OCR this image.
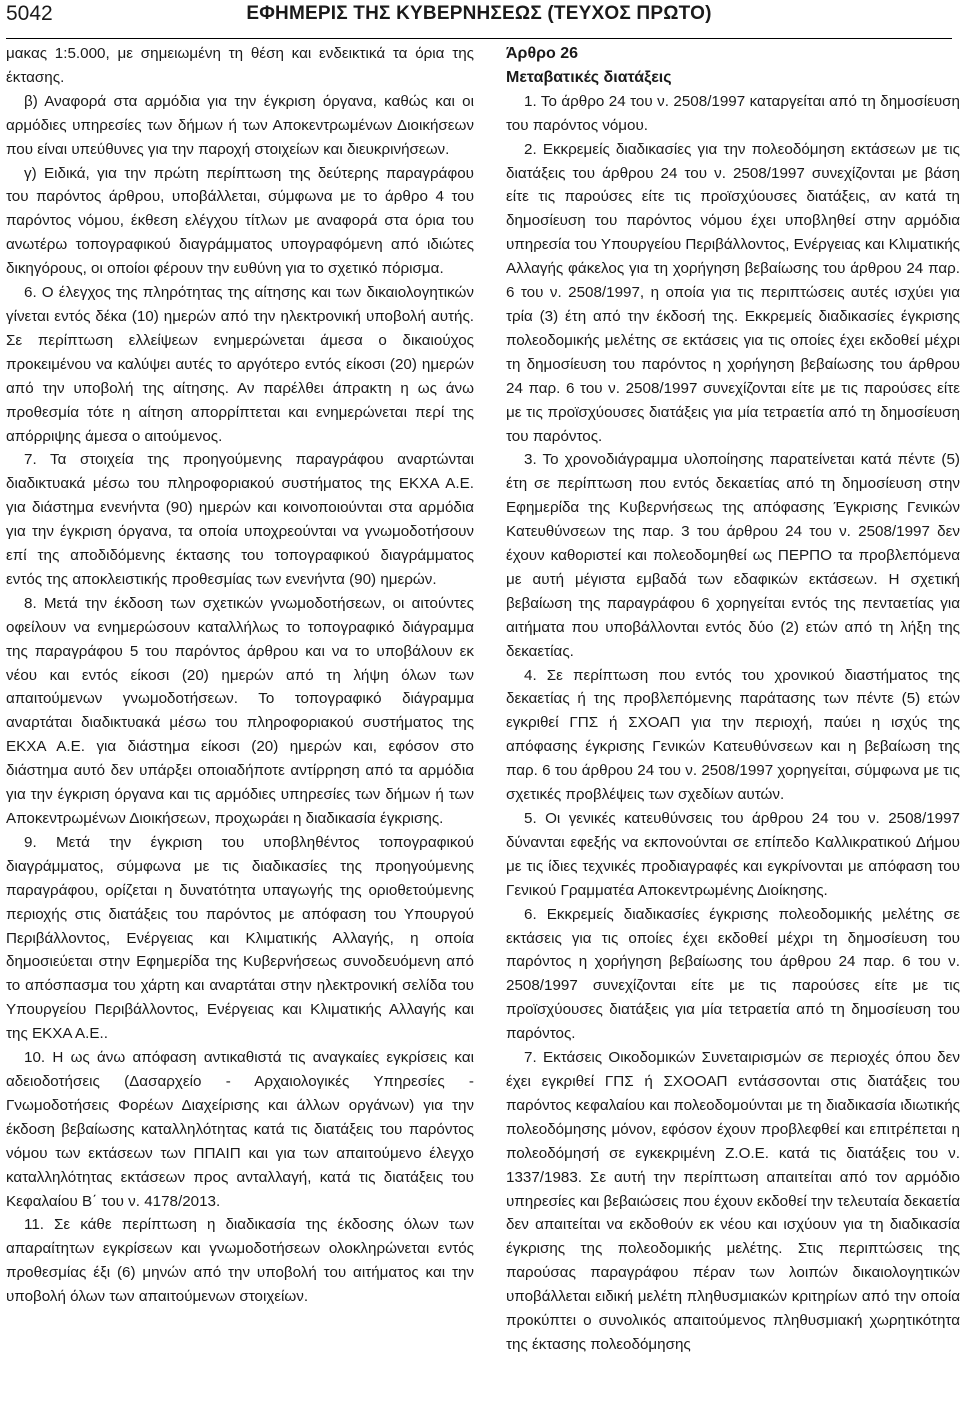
5042	ΕΦΗΜΕΡΙΣ ΤΗΣ ΚΥΒΕΡΝΗΣΕΩΣ (ΤΕΥΧΟΣ ΠΡΩΤΟ)

μακας 1:5.000, με σημειωμένη τη θέση και ενδεικτικά τα όρια της έκτασης.

β) Αναφορά στα αρμόδια για την έγκριση όργανα, καθώς και οι αρμόδιες υπηρεσίες των δήμων ή των Αποκεντρωμένων Διοικήσεων που είναι υπεύθυνες για την παροχή στοιχείων και διευκρινήσεων.

γ) Ειδικά, για την πρώτη περίπτωση της δεύτερης παραγράφου του παρόντος άρθρου, υποβάλλεται, σύμφωνα με το άρθρο 4 του παρόντος νόμου, έκθεση ελέγχου τίτλων με αναφορά στα όρια του ανωτέρω τοπογραφικού διαγράμματος υπογραφόμενη από ιδιώτες δικηγόρους, οι οποίοι φέρουν την ευθύνη για το σχετικό πόρισμα.

6. Ο έλεγχος της πληρότητας της αίτησης και των δικαιολογητικών γίνεται εντός δέκα (10) ημερών από την ηλεκτρονική υποβολή αυτής. Σε περίπτωση ελλείψεων ενημερώνεται άμεσα ο δικαιούχος προκειμένου να καλύψει αυτές το αργότερο εντός είκοσι (20) ημερών από την υποβολή της αίτησης. Αν παρέλθει άπρακτη η ως άνω προθεσμία τότε η αίτηση απορρίπτεται και ενημερώνεται περί της απόρριψης άμεσα ο αιτούμενος.

7. Τα στοιχεία της προηγούμενης παραγράφου αναρτώνται διαδικτυακά μέσω του πληροφοριακού συστήματος της ΕΚΧΑ Α.Ε. για διάστημα ενενήντα (90) ημερών και κοινοποιούνται στα αρμόδια για την έγκριση όργανα, τα οποία υποχρεούνται να γνωμοδοτήσουν επί της αποδιδόμενης έκτασης του τοπογραφικού διαγράμματος εντός της αποκλειστικής προθεσμίας των ενενήντα (90) ημερών.

8. Μετά την έκδοση των σχετικών γνωμοδοτήσεων, οι αιτούντες οφείλουν να ενημερώσουν καταλλήλως το τοπογραφικό διάγραμμα της παραγράφου 5 του παρόντος άρθρου και να το υποβάλουν εκ νέου και εντός είκοσι (20) ημερών από τη λήψη όλων των απαιτούμενων γνωμοδοτήσεων. Το τοπογραφικό διάγραμμα αναρτάται διαδικτυακά μέσω του πληροφοριακού συστήματος της ΕΚΧΑ Α.Ε. για διάστημα είκοσι (20) ημερών και, εφόσον στο διάστημα αυτό δεν υπάρξει οποιαδήποτε αντίρρηση από τα αρμόδια για την έγκριση όργανα και τις αρμόδιες υπηρεσίες των δήμων ή των Αποκεντρωμένων Διοικήσεων, προχωράει η διαδικασία έγκρισης.

9. Μετά την έγκριση του υποβληθέντος τοπογραφικού διαγράμματος, σύμφωνα με τις διαδικασίες της προηγούμενης παραγράφου, ορίζεται η δυνατότητα υπαγωγής της οριοθετούμενης περιοχής στις διατάξεις του παρόντος με απόφαση του Υπουργού Περιβάλλοντος, Ενέργειας και Κλιματικής Αλλαγής, η οποία δημοσιεύεται στην Εφημερίδα της Κυβερνήσεως συνοδευόμενη από το απόσπασμα του χάρτη και αναρτάται στην ηλεκτρονική σελίδα του Υπουργείου Περιβάλλοντος, Ενέργειας και Κλιματικής Αλλαγής και της ΕΚΧΑ Α.Ε..

10. Η ως άνω απόφαση αντικαθιστά τις αναγκαίες εγκρίσεις και αδειοδοτήσεις (Δασαρχείο - Αρχαιολογικές Υπηρεσίες - Γνωμοδοτήσεις Φορέων Διαχείρισης και άλλων οργάνων) για την έκδοση βεβαίωσης καταλληλότητας κατά τις διατάξεις του παρόντος νόμου των εκτάσεων των ΠΠΑΙΠ και για των απαιτούμενο έλεγχο καταλληλότητας εκτάσεων προς ανταλλαγή, κατά τις διατάξεις του Κεφαλαίου Β΄ του ν. 4178/2013.

11. Σε κάθε περίπτωση η διαδικασία της έκδοσης όλων των απαραίτητων εγκρίσεων και γνωμοδοτήσεων ολοκληρώνεται εντός προθεσμίας έξι (6) μηνών από την υποβολή του αιτήματος και την υποβολή όλων των απαιτούμενων στοιχείων.

Άρθρο 26

Μεταβατικές διατάξεις

1. Το άρθρο 24 του ν. 2508/1997 καταργείται από τη δημοσίευση του παρόντος νόμου.

2. Εκκρεμείς διαδικασίες για την πολεοδόμηση εκτάσεων με τις διατάξεις του άρθρου 24 του ν. 2508/1997 συνεχίζονται με βάση είτε τις παρούσες είτε τις προϊσχύουσες διατάξεις, αν κατά τη δημοσίευση του παρόντος νόμου έχει υποβληθεί στην αρμόδια υπηρεσία του Υπουργείου Περιβάλλοντος, Ενέργειας και Κλιματικής Αλλαγής φάκελος για τη χορήγηση βεβαίωσης του άρθρου 24 παρ. 6 του ν. 2508/1997, η οποία για τις περιπτώσεις αυτές ισχύει για τρία (3) έτη από την έκδοσή της. Εκκρεμείς διαδικασίες έγκρισης πολεοδομικής μελέτης σε εκτάσεις για τις οποίες έχει εκδοθεί μέχρι τη δημοσίευση του παρόντος η χορήγηση βεβαίωσης του άρθρου 24 παρ. 6 του ν. 2508/1997 συνεχίζονται είτε με τις παρούσες είτε με τις προϊσχύουσες διατάξεις για μία τετραετία από τη δημοσίευση του παρόντος.

3. Το χρονοδιάγραμμα υλοποίησης παρατείνεται κατά πέντε (5) έτη σε περίπτωση που εντός δεκαετίας από τη δημοσίευση στην Εφημερίδα της Κυβερνήσεως της απόφασης Έγκρισης Γενικών Κατευθύνσεων της παρ. 3 του άρθρου 24 του ν. 2508/1997 δεν έχουν καθοριστεί και πολεοδομηθεί ως ΠΕΡΠΟ τα προβλεπόμενα με αυτή μέγιστα εμβαδά των εδαφικών εκτάσεων. Η σχετική βεβαίωση της παραγράφου 6 χορηγείται εντός της πενταετίας για αιτήματα που υποβάλλονται εντός δύο (2) ετών από τη λήξη της δεκαετίας.

4. Σε περίπτωση που εντός του χρονικού διαστήματος της δεκαετίας ή της προβλεπόμενης παράτασης των πέντε (5) ετών εγκριθεί ΓΠΣ ή ΣΧΟΑΠ για την περιοχή, παύει η ισχύς της απόφασης έγκρισης Γενικών Κατευθύνσεων και η βεβαίωση της παρ. 6 του άρθρου 24 του ν. 2508/1997 χορηγείται, σύμφωνα με τις σχετικές προβλέψεις των σχεδίων αυτών.

5. Οι γενικές κατευθύνσεις του άρθρου 24 του ν. 2508/1997 δύνανται εφεξής να εκπονούνται σε επίπεδο Καλλικρατικού Δήμου με τις ίδιες τεχνικές προδιαγραφές και εγκρίνονται με απόφαση του Γενικού Γραμματέα Αποκεντρωμένης Διοίκησης.

6. Εκκρεμείς διαδικασίες έγκρισης πολεοδομικής μελέτης σε εκτάσεις για τις οποίες έχει εκδοθεί μέχρι τη δημοσίευση του παρόντος η χορήγηση βεβαίωσης του άρθρου 24 παρ. 6 του ν. 2508/1997 συνεχίζονται είτε με τις παρούσες είτε με τις προϊσχύουσες διατάξεις για μία τετραετία από τη δημοσίευση του παρόντος.

7. Εκτάσεις Οικοδομικών Συνεταιρισμών σε περιοχές όπου δεν έχει εγκριθεί ΓΠΣ ή ΣΧΟΟΑΠ εντάσσονται στις διατάξεις του παρόντος κεφαλαίου και πολεοδομούνται με τη διαδικασία ιδιωτικής πολεοδόμησης μόνον, εφόσον έχουν προβλεφθεί και επιτρέπεται η πολεοδόμησή σε εγκεκριμένη Ζ.Ο.Ε. κατά τις διατάξεις του ν. 1337/1983. Σε αυτή την περίπτωση απαιτείται από τον αρμόδιο υπηρεσίες και βεβαιώσεις που έχουν εκδοθεί την τελευταία δεκαετία δεν απαιτείται να εκδοθούν εκ νέου και ισχύουν για τη διαδικασία έγκρισης της πολεοδομικής μελέτης. Στις περιπτώσεις της παρούσας παραγράφου πέραν των λοιπών δικαιολογητικών υποβάλλεται ειδική μελέτη πληθυσμιακών κριτηρίων από την οποία προκύπτει ο συνολικός απαιτούμενος πληθυσμιακή χωρητικότητα της έκτασης πολεοδόμησης
